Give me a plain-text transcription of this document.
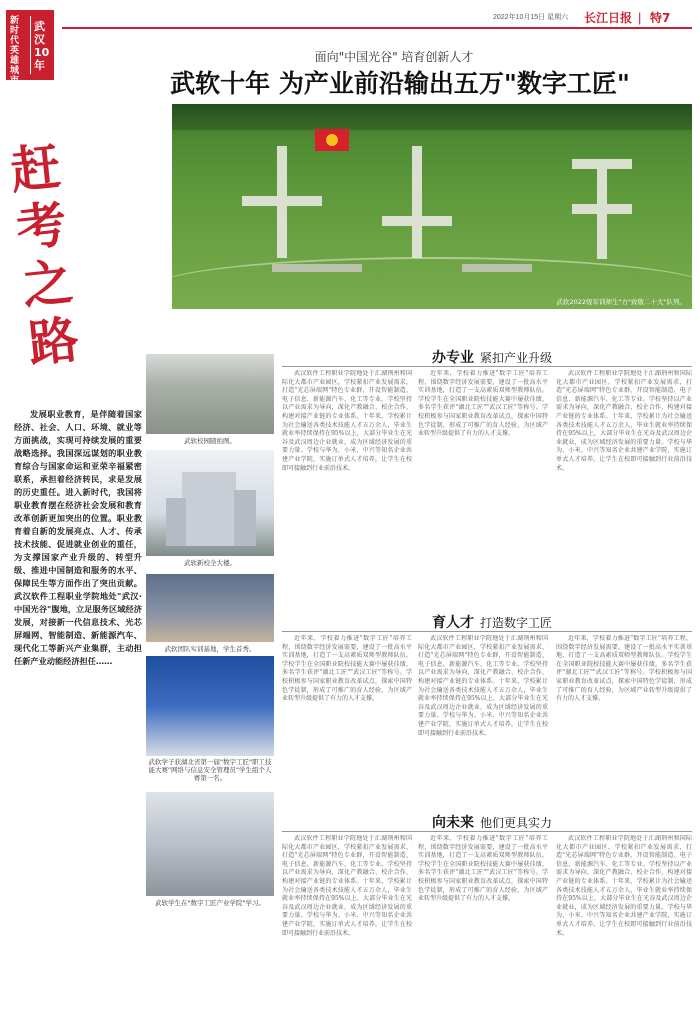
2022年10月15日 星期六 长江日报 | 特7
新时代英雄城市
武汉10年
赶考之路

发展职业教育，是伴随着国家经济、社会、人口、环境、就业等方面挑战，实现可持续发展的重要战略选择。我国深远谋划的职业教育综合与国家命运和亚荣辛福紧密联系，承担着经济转民，求是发展的历史重任。进入新时代，我国将职业教育摆在经济社会发展和教育改革创新更加突出的位置。职业教育着自新的发展亮点、人才、传承技术技能、促进就业创业的重任，为支撑国家产业升级的、转型升级、推进中国制造和服务的水平、保障民生等方面作出了突出贡献。武汉软件工程职业学院地处"武汉·中国光谷"腹地，立足服务区域经济发展，对接新一代信息技术、光芯屏端网、智能制造、新能源汽车、现代化工等新兴产业集群，主动担任新产业动能经济担任……

面向"中国光谷" 培育创新人才
武软十年 为产业前沿输出五万"数字工匠"
武软2022级军训师生"方"致敬二十大"队列。
武软校园随拍图。
武软新校全大楼。
武软团队实训基地，学生首秀。
武软学子获湖北省第一届"数字工匠"职工技能大赛"网络与信息安全管理员"学生组个人赛第一名。
武软学生在"数字工匠产业学院"学习。
办专业 紧扣产业升级

武汉软件工程职业学院地处于汇湖荆州和国际化大都市产业园区，学校紧扣产业发展需求，打造"光芯屏端网"特色专业群，开设智能制造、电子信息、新能源汽车、化工等专业。学校坚持以产业需求为导向，深化产教融合、校企合作，构建对接产业链的专业体系。十年来，学校累计为社会输送各类技术技能人才五万余人，毕业生就业率持续保持在95%以上，大部分毕业生在光谷及武汉周边企业就业，成为区域经济发展的重要力量。学校与华为、小米、中兴等知名企业共建产业学院，实施订单式人才培养，让学生在校即可接触到行业前沿技术。

近年来，学校着力推进"数字工匠"培养工程，围绕数字经济发展需要，建设了一批高水平实训基地，打造了一支高素质双师型教师队伍。学校学生在全国职业院校技能大赛中屡获佳绩，多名学生获评"湖北工匠""武汉工匠"等称号。学校积极参与国家职业教育改革试点，探索中国特色学徒制，形成了可推广的育人经验，为区域产业转型升级提供了有力的人才支撑。

武汉软件工程职业学院地处于汇湖荆州和国际化大都市产业园区，学校紧扣产业发展需求，打造"光芯屏端网"特色专业群，开设智能制造、电子信息、新能源汽车、化工等专业。学校坚持以产业需求为导向，深化产教融合、校企合作，构建对接产业链的专业体系。十年来，学校累计为社会输送各类技术技能人才五万余人，毕业生就业率持续保持在95%以上，大部分毕业生在光谷及武汉周边企业就业，成为区域经济发展的重要力量。学校与华为、小米、中兴等知名企业共建产业学院，实施订单式人才培养，让学生在校即可接触到行业前沿技术。

育人才 打造数字工匠

近年来，学校着力推进"数字工匠"培养工程，围绕数字经济发展需要，建设了一批高水平实训基地，打造了一支高素质双师型教师队伍。学校学生在全国职业院校技能大赛中屡获佳绩，多名学生获评"湖北工匠""武汉工匠"等称号。学校积极参与国家职业教育改革试点，探索中国特色学徒制，形成了可推广的育人经验，为区域产业转型升级提供了有力的人才支撑。

武汉软件工程职业学院地处于汇湖荆州和国际化大都市产业园区，学校紧扣产业发展需求，打造"光芯屏端网"特色专业群，开设智能制造、电子信息、新能源汽车、化工等专业。学校坚持以产业需求为导向，深化产教融合、校企合作，构建对接产业链的专业体系。十年来，学校累计为社会输送各类技术技能人才五万余人，毕业生就业率持续保持在95%以上，大部分毕业生在光谷及武汉周边企业就业，成为区域经济发展的重要力量。学校与华为、小米、中兴等知名企业共建产业学院，实施订单式人才培养，让学生在校即可接触到行业前沿技术。

近年来，学校着力推进"数字工匠"培养工程，围绕数字经济发展需要，建设了一批高水平实训基地，打造了一支高素质双师型教师队伍。学校学生在全国职业院校技能大赛中屡获佳绩，多名学生获评"湖北工匠""武汉工匠"等称号。学校积极参与国家职业教育改革试点，探索中国特色学徒制，形成了可推广的育人经验，为区域产业转型升级提供了有力的人才支撑。

向未来 他们更具实力

武汉软件工程职业学院地处于汇湖荆州和国际化大都市产业园区，学校紧扣产业发展需求，打造"光芯屏端网"特色专业群，开设智能制造、电子信息、新能源汽车、化工等专业。学校坚持以产业需求为导向，深化产教融合、校企合作，构建对接产业链的专业体系。十年来，学校累计为社会输送各类技术技能人才五万余人，毕业生就业率持续保持在95%以上，大部分毕业生在光谷及武汉周边企业就业，成为区域经济发展的重要力量。学校与华为、小米、中兴等知名企业共建产业学院，实施订单式人才培养，让学生在校即可接触到行业前沿技术。

近年来，学校着力推进"数字工匠"培养工程，围绕数字经济发展需要，建设了一批高水平实训基地，打造了一支高素质双师型教师队伍。学校学生在全国职业院校技能大赛中屡获佳绩，多名学生获评"湖北工匠""武汉工匠"等称号。学校积极参与国家职业教育改革试点，探索中国特色学徒制，形成了可推广的育人经验，为区域产业转型升级提供了有力的人才支撑。

武汉软件工程职业学院地处于汇湖荆州和国际化大都市产业园区，学校紧扣产业发展需求，打造"光芯屏端网"特色专业群，开设智能制造、电子信息、新能源汽车、化工等专业。学校坚持以产业需求为导向，深化产教融合、校企合作，构建对接产业链的专业体系。十年来，学校累计为社会输送各类技术技能人才五万余人，毕业生就业率持续保持在95%以上，大部分毕业生在光谷及武汉周边企业就业，成为区域经济发展的重要力量。学校与华为、小米、中兴等知名企业共建产业学院，实施订单式人才培养，让学生在校即可接触到行业前沿技术。
